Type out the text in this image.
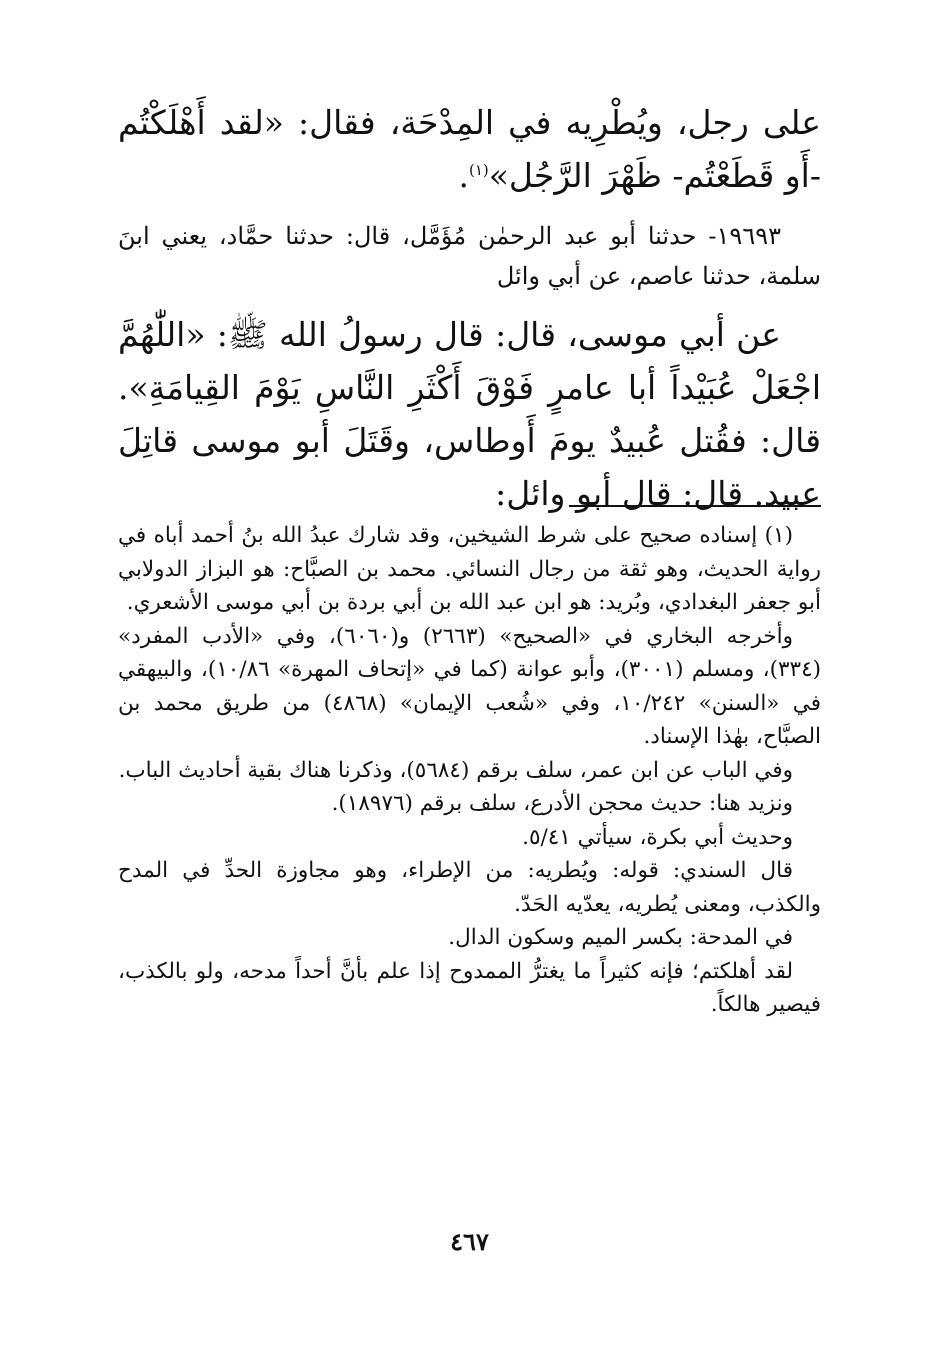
على رجل، ويُطْرِيه في المِدْحَة، فقال: «لقد أَهْلَكْتُم -أَو قَطَعْتُم- ظَهْرَ الرَّجُل»$^{(١)}$.

١٩٦٩٣- حدثنا أبو عبد الرحمٰن مُؤَمَّل، قال: حدثنا حمَّاد، يعني ابنَ سلمة، حدثنا عاصم، عن أبي وائل

عن أبي موسى، قال: قال رسولُ الله ﷺ: «اللّٰهُمَّ اجْعَلْ عُبَيْداً أبا عامرٍ فَوْقَ أَكْثَرِ النَّاسِ يَوْمَ القِيامَةِ». قال: فقُتل عُبيدٌ يومَ أَوطاس، وقَتَلَ أبو موسى قاتِلَ عبيد. قال: قال أبو وائل:

(١) إسناده صحيح على شرط الشيخين، وقد شارك عبدُ الله بنُ أحمد أباه في رواية الحديث، وهو ثقة من رجال النسائي. محمد بن الصبَّاح: هو البزاز الدولابي أبو جعفر البغدادي، وبُريد: هو ابن عبد الله بن أبي بردة بن أبي موسى الأشعري.

وأخرجه البخاري في «الصحيح» (٢٦٦٣) و(٦٠٦٠)، وفي «الأدب المفرد» (٣٣٤)، ومسلم (٣٠٠١)، وأبو عوانة (كما في «إتحاف المهرة» ١٠/٨٦)، والبيهقي في «السنن» ١٠/٢٤٢، وفي «شُعب الإيمان» (٤٨٦٨) من طريق محمد بن الصبَّاح، بهٰذا الإسناد.

وفي الباب عن ابن عمر، سلف برقم (٥٦٨٤)، وذكرنا هناك بقية أحاديث الباب.

ونزيد هنا: حديث محجن الأدرع، سلف برقم (١٨٩٧٦).

وحديث أبي بكرة، سيأتي ٥/٤١.

قال السندي: قوله: ويُطريه: من الإطراء، وهو مجاوزة الحدِّ في المدح والكذب، ومعنى يُطريه، يعدّيه الحَدّ.

في المدحة: بكسر الميم وسكون الدال.

لقد أهلكتم؛ فإنه كثيراً ما يغترُّ الممدوح إذا علم بأنَّ أحداً مدحه، ولو بالكذب، فيصير هالكاً.

٤٦٧
